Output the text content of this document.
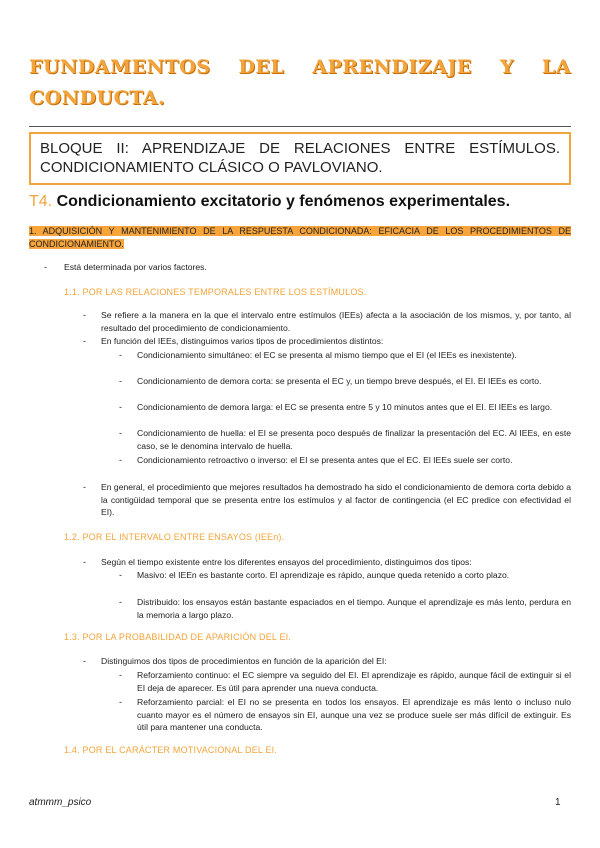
FUNDAMENTOS DEL APRENDIZAJE Y LA CONDUCTA.
BLOQUE II: APRENDIZAJE DE RELACIONES ENTRE ESTÍMULOS.
CONDICIONAMIENTO CLÁSICO O PAVLOVIANO.
T4. Condicionamiento excitatorio y fenómenos experimentales.
1. ADQUISICIÓN Y MANTENIMIENTO DE LA RESPUESTA CONDICIONADA: EFICACIA DE LOS PROCEDIMIENTOS DE CONDICIONAMIENTO.
- Está determinada por varios factores.

1.1. POR LAS RELACIONES TEMPORALES ENTRE LOS ESTÍMULOS.

- Se refiere a la manera en la que el intervalo entre estímulos (IEEs) afecta a la asociación de los mismos, y, por tanto, al resultado del procedimiento de condicionamiento.

- En función del IEEs, distinguimos varios tipos de procedimientos distintos:

- Condicionamiento simultáneo: el EC se presenta al mismo tiempo que el EI (el IEEs es inexistente).

- Condicionamiento de demora corta: se presenta el EC y, un tiempo breve después, el EI. El IEEs es corto.

- Condicionamiento de demora larga: el EC se presenta entre 5 y 10 minutos antes que el EI. El IEEs es largo.

- Condicionamiento de huella: el EI se presenta poco después de finalizar la presentación del EC. Al IEEs, en este caso, se le denomina intervalo de huella.

- Condicionamiento retroactivo o inverso: el EI se presenta antes que el EC. El IEEs suele ser corto.

- En general, el procedimiento que mejores resultados ha demostrado ha sido el condicionamiento de demora corta debido a la contigüidad temporal que se presenta entre los estímulos y al factor de contingencia (el EC predice con efectividad el EI).

1.2. POR EL INTERVALO ENTRE ENSAYOS (IEEn).

- Según el tiempo existente entre los diferentes ensayos del procedimiento, distinguimos dos tipos:

- Masivo: el IEEn es bastante corto. El aprendizaje es rápido, aunque queda retenido a corto plazo.

- Distribuido: los ensayos están bastante espaciados en el tiempo. Aunque el aprendizaje es más lento, perdura en la memoria a largo plazo.

1.3. POR LA PROBABILIDAD DE APARICIÓN DEL EI.

- Distinguimos dos tipos de procedimientos en función de la aparición del EI:

- Reforzamiento continuo: el EC siempre va seguido del EI. El aprendizaje es rápido, aunque fácil de extinguir si el EI deja de aparecer. Es útil para aprender una nueva conducta.

- Reforzamiento parcial: el EI no se presenta en todos los ensayos. El aprendizaje es más lento o incluso nulo cuanto mayor es el número de ensayos sin EI, aunque una vez se produce suele ser más difícil de extinguir. Es útil para mantener una conducta.

1.4. POR EL CARÁCTER MOTIVACIONAL DEL EI.

atmmm_psico	1
